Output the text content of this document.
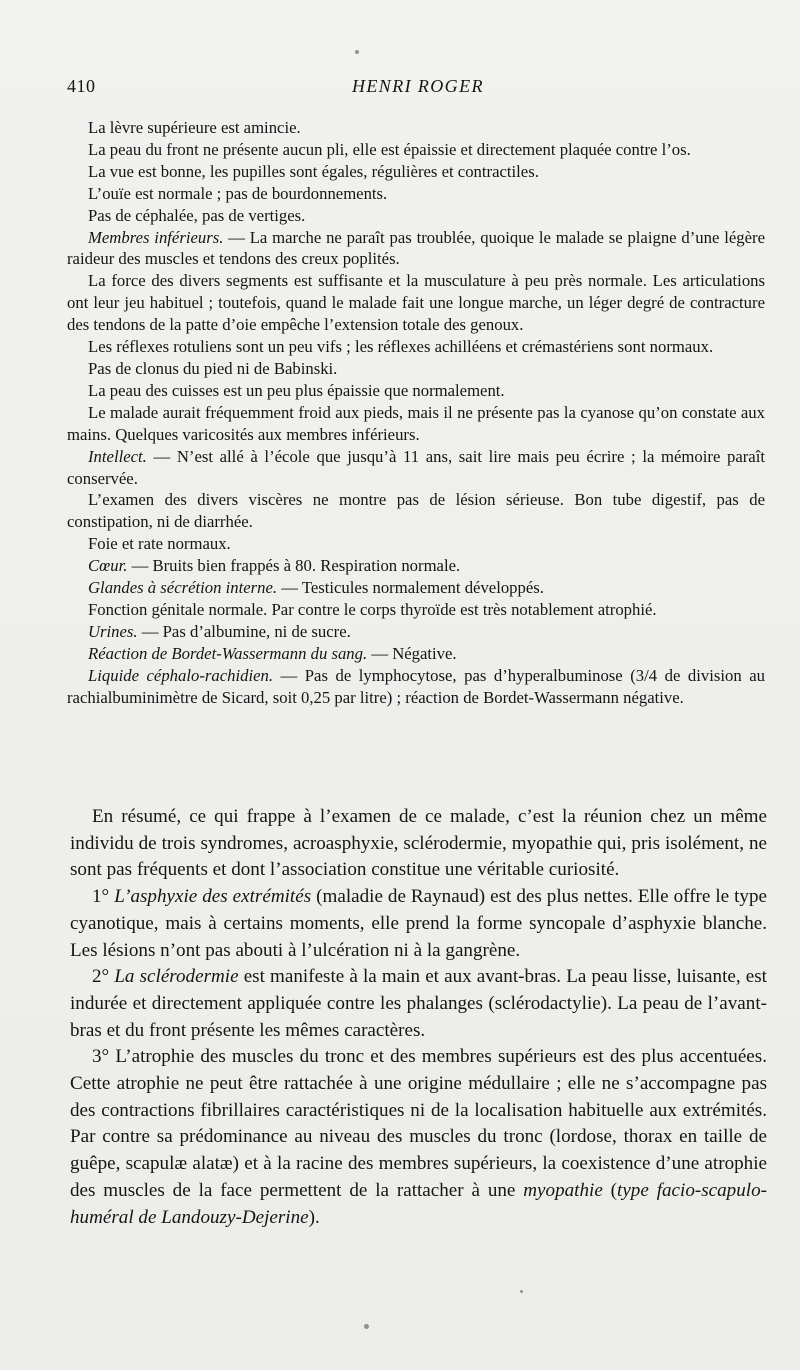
410	HENRI ROGER

La lèvre supérieure est amincie.

La peau du front ne présente aucun pli, elle est épaissie et directement plaquée contre l’os.

La vue est bonne, les pupilles sont égales, régulières et contractiles.

L’ouïe est normale ; pas de bourdonnements.

Pas de céphalée, pas de vertiges.

Membres inférieurs. — La marche ne paraît pas troublée, quoique le malade se plaigne d’une légère raideur des muscles et tendons des creux poplités.

La force des divers segments est suffisante et la musculature à peu près normale. Les articulations ont leur jeu habituel ; toutefois, quand le malade fait une longue marche, un léger degré de contracture des tendons de la patte d’oie empêche l’extension totale des genoux.

Les réflexes rotuliens sont un peu vifs ; les réflexes achilléens et crémastériens sont normaux.

Pas de clonus du pied ni de Babinski.

La peau des cuisses est un peu plus épaissie que normalement.

Le malade aurait fréquemment froid aux pieds, mais il ne présente pas la cyanose qu’on constate aux mains. Quelques varicosités aux membres inférieurs.

Intellect. — N’est allé à l’école que jusqu’à 11 ans, sait lire mais peu écrire ; la mémoire paraît conservée.

L’examen des divers viscères ne montre pas de lésion sérieuse. Bon tube digestif, pas de constipation, ni de diarrhée.

Foie et rate normaux.

Cœur. — Bruits bien frappés à 80. Respiration normale.

Glandes à sécrétion interne. — Testicules normalement développés.

Fonction génitale normale. Par contre le corps thyroïde est très notablement atrophié.

Urines. — Pas d’albumine, ni de sucre.

Réaction de Bordet-Wassermann du sang. — Négative.

Liquide céphalo-rachidien. — Pas de lymphocytose, pas d’hyperalbuminose (3/4 de division au rachialbuminimètre de Sicard, soit 0,25 par litre) ; réaction de Bordet-Wassermann négative.

En résumé, ce qui frappe à l’examen de ce malade, c’est la réunion chez un même individu de trois syndromes, acroasphyxie, sclérodermie, myopathie qui, pris isolément, ne sont pas fréquents et dont l’association constitue une véritable curiosité.

1° L’asphyxie des extrémités (maladie de Raynaud) est des plus nettes. Elle offre le type cyanotique, mais à certains moments, elle prend la forme syncopale d’asphyxie blanche. Les lésions n’ont pas abouti à l’ulcération ni à la gangrène.

2° La sclérodermie est manifeste à la main et aux avant-bras. La peau lisse, luisante, est indurée et directement appliquée contre les phalanges (sclérodactylie). La peau de l’avant-bras et du front présente les mêmes caractères.

3° L’atrophie des muscles du tronc et des membres supérieurs est des plus accentuées. Cette atrophie ne peut être rattachée à une origine médullaire ; elle ne s’accompagne pas des contractions fibrillaires caractéristiques ni de la localisation habituelle aux extrémités. Par contre sa prédominance au niveau des muscles du tronc (lordose, thorax en taille de guêpe, scapulæ alatæ) et à la racine des membres supérieurs, la coexistence d’une atrophie des muscles de la face permettent de la rattacher à une myopathie (type facio-scapulo-huméral de Landouzy-Dejerine).
